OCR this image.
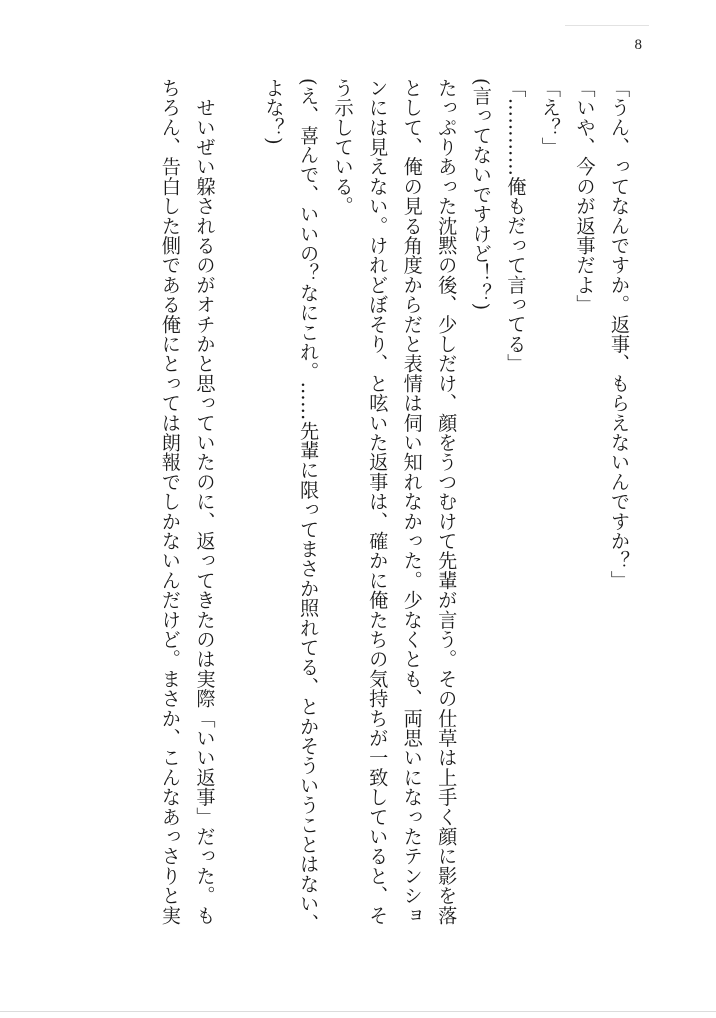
8

「うん、ってなんですか。返事、もらえないんですか？」

「いや、今のが返事だよ」

「え？」

「…………俺もだって言ってる」

(言ってないですけど！？)

たっぷりあった沈黙の後、少しだけ、顔をうつむけて先輩が言う。その仕草は上手く顔に影を落

として、俺の見る角度からだと表情は伺い知れなかった。少なくとも、両思いになったテンショ

ンには見えない。けれどぼそり、と呟いた返事は、確かに俺たちの気持ちが一致していると、そ

う示している。

(え、喜んで、いいの？なにこれ。……先輩に限ってまさか照れてる、とかそういうことはない、

よな？)

　せいぜい躱されるのがオチかと思っていたのに、返ってきたのは実際「いい返事」だった。も

ちろん、告白した側である俺にとっては朗報でしかないんだけど。まさか、こんなあっさりと実
